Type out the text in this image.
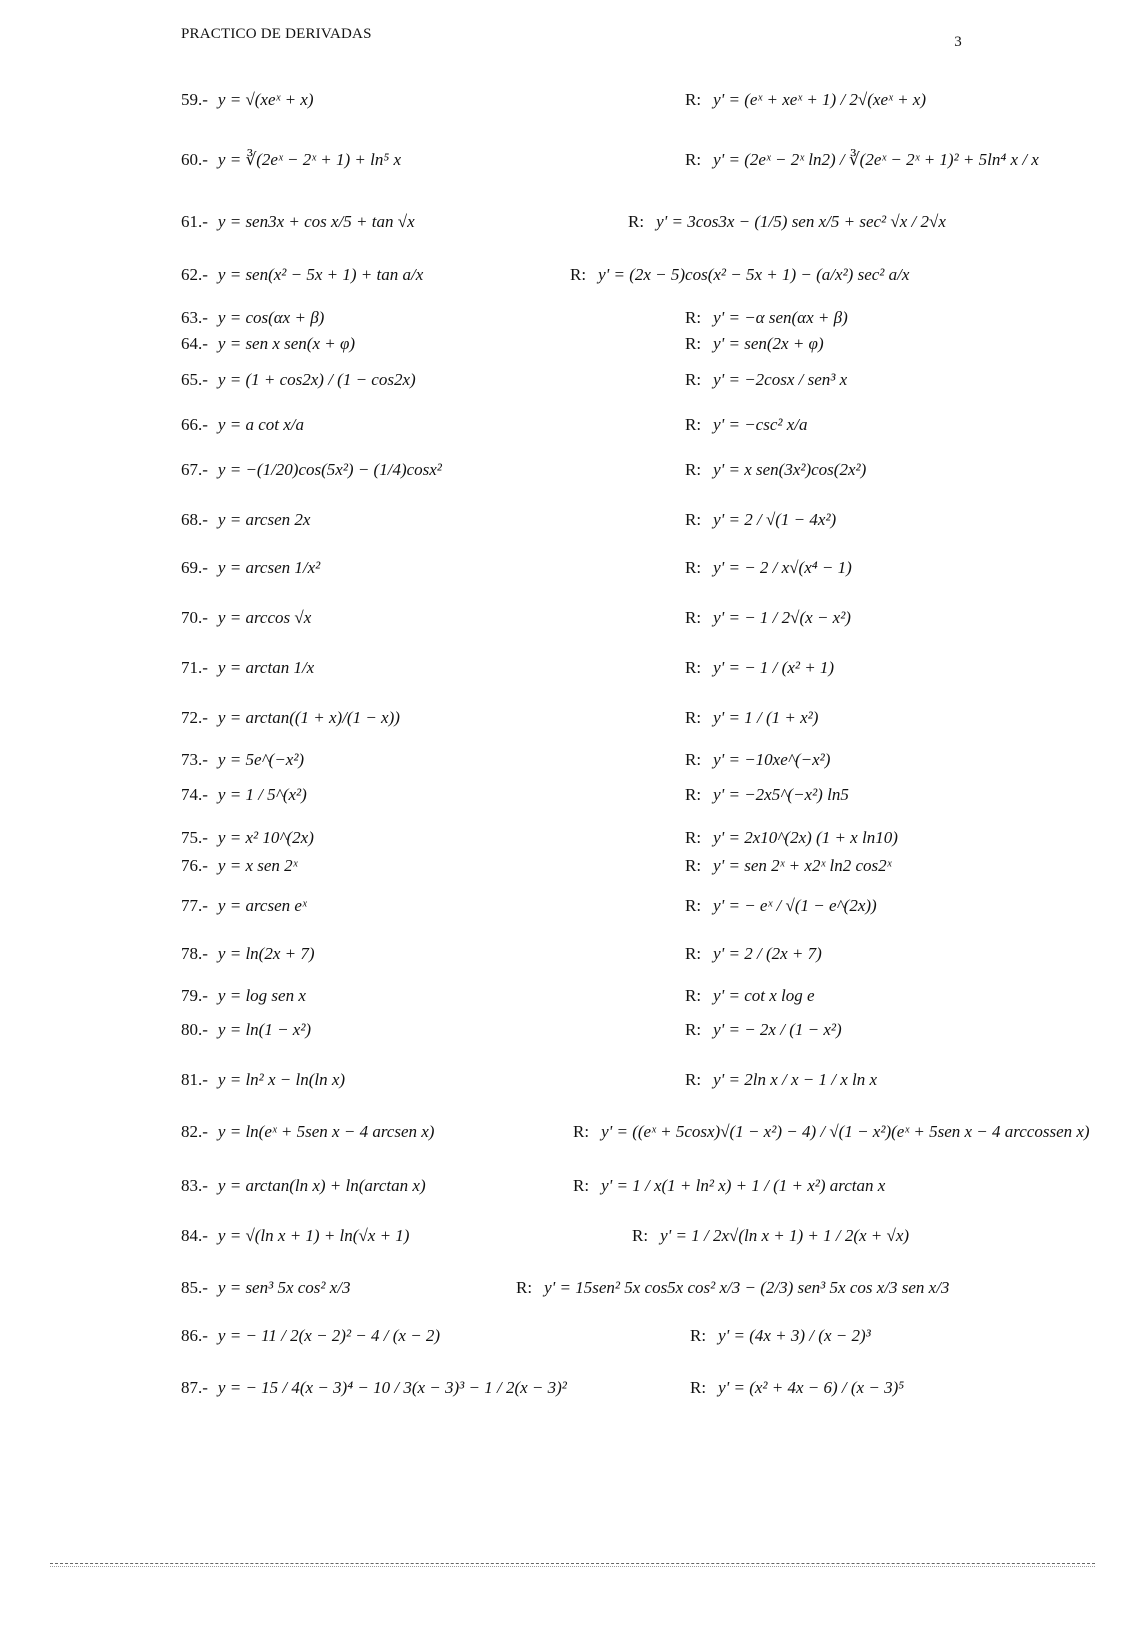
PRACTICO DE DERIVADAS	3
59.- y = √(xeˣ + x)	R: y' = (eˣ + xeˣ + 1) / 2√(xeˣ + x)
60.- y = ∛(2eˣ − 2ˣ + 1) + ln⁵ x	R: y' = (2eˣ − 2ˣ ln2) / ∛(2eˣ − 2ˣ + 1)² + 5ln⁴ x / x
61.- y = sen3x + cos x/5 + tan √x	R: y' = 3cos3x − (1/5) sen x/5 + sec² √x / 2√x
62.- y = sen(x² − 5x + 1) + tan a/x	R: y' = (2x − 5)cos(x² − 5x + 1) − (a/x²) sec² a/x
63.- y = cos(αx + β)	R: y' = −α sen(αx + β)
64.- y = sen x sen(x + φ)	R: y' = sen(2x + φ)
65.- y = (1 + cos2x) / (1 − cos2x)	R: y' = −2cosx / sen³ x
66.- y = a cot x/a	R: y' = −csc² x/a
67.- y = −(1/20)cos(5x²) − (1/4)cosx²	R: y' = x sen(3x²)cos(2x²)
68.- y = arcsen 2x	R: y' = 2 / √(1 − 4x²)
69.- y = arcsen 1/x²	R: y' = − 2 / x√(x⁴ − 1)
70.- y = arccos √x	R: y' = − 1 / 2√(x − x²)
71.- y = arctan 1/x	R: y' = − 1 / (x² + 1)
72.- y = arctan((1 + x)/(1 − x))	R: y' = 1 / (1 + x²)
73.- y = 5e^(−x²)	R: y' = −10xe^(−x²)
74.- y = 1 / 5^(x²)	R: y' = −2x5^(−x²) ln5
75.- y = x² 10^(2x)	R: y' = 2x10^(2x) (1 + x ln10)
76.- y = x sen 2ˣ	R: y' = sen 2ˣ + x2ˣ ln2 cos2ˣ
77.- y = arcsen eˣ	R: y' = − eˣ / √(1 − e^(2x))
78.- y = ln(2x + 7)	R: y' = 2 / (2x + 7)
79.- y = log sen x	R: y' = cot x log e
80.- y = ln(1 − x²)	R: y' = − 2x / (1 − x²)
81.- y = ln² x − ln(ln x)	R: y' = 2ln x / x − 1 / x ln x
82.- y = ln(eˣ + 5sen x − 4 arcsen x)	R: y' = ((eˣ + 5cosx)√(1 − x²) − 4) / √(1 − x²)(eˣ + 5sen x − 4 arccossen x)
83.- y = arctan(ln x) + ln(arctan x)	R: y' = 1 / x(1 + ln² x) + 1 / (1 + x²) arctan x
84.- y = √(ln x + 1) + ln(√x + 1)	R: y' = 1 / 2x√(ln x + 1) + 1 / 2(x + √x)
85.- y = sen³ 5x cos² x/3	R: y' = 15sen² 5x cos5x cos² x/3 − (2/3) sen³ 5x cos x/3 sen x/3
86.- y = − 11 / 2(x − 2)² − 4 / (x − 2)	R: y' = (4x + 3) / (x − 2)³
87.- y = − 15 / 4(x − 3)⁴ − 10 / 3(x − 3)³ − 1 / 2(x − 3)²	R: y' = (x² + 4x − 6) / (x − 3)⁵
